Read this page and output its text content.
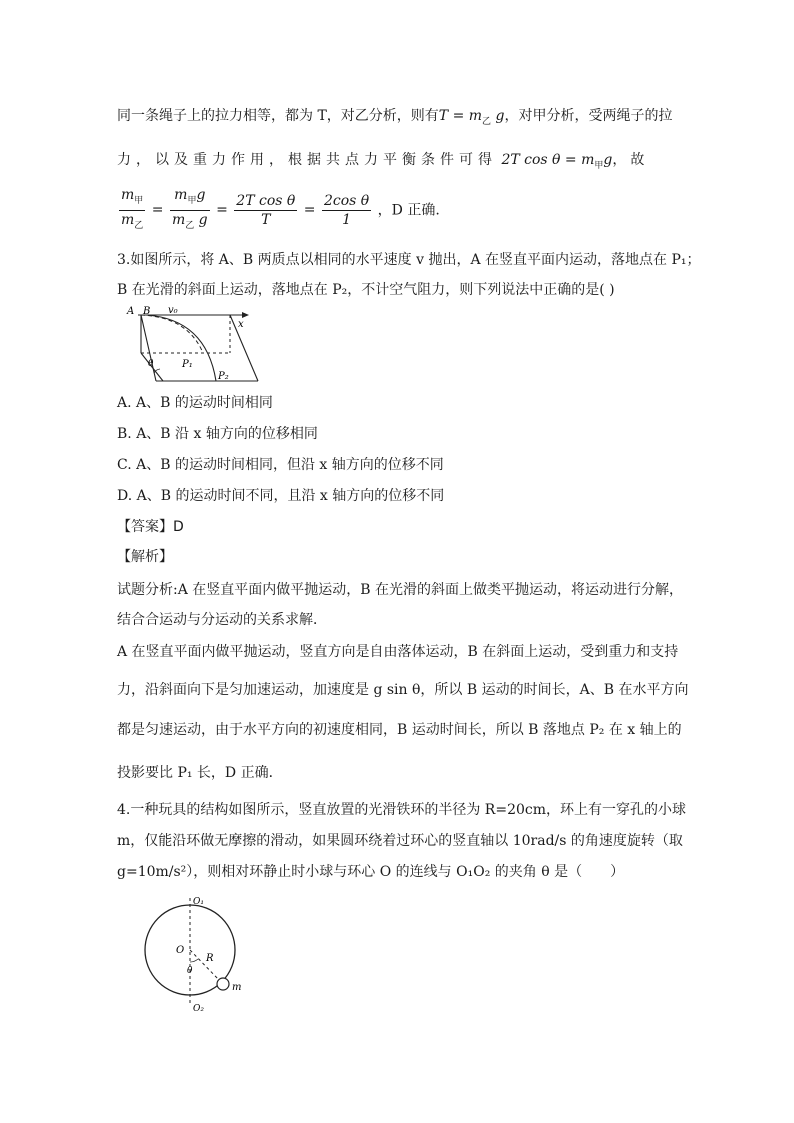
同一条绳子上的拉力相等，都为 T，对乙分析，则有$T = m_乙$ g，对甲分析，受两绳子的拉
力，以及重力作用，根据共点力平衡条件可得 2T $\cos \theta = m_甲g$，故
$\frac{m_甲}{m_乙} = \frac{m_甲g}{m_乙 g} = \frac{\text{2T cos θ}}{T} = \frac{\text{2cos θ}}{1}$ ，D 正确.
3.如图所示，将 A、B 两质点以相同的水平速度 v 抛出，A 在竖直平面内运动，落地点在 P₁；
B 在光滑的斜面上运动，落地点在 P₂，不计空气阻力，则下列说法中正确的是( )
A B v₀
x
θ	P₁
P₂
A. A、B 的运动时间相同
B. A、B 沿 x 轴方向的位移相同
C. A、B 的运动时间相同，但沿 x 轴方向的位移不同
D. A、B 的运动时间不同，且沿 x 轴方向的位移不同
【答案】D
【解析】
试题分析:A 在竖直平面内做平抛运动，B 在光滑的斜面上做类平抛运动，将运动进行分解，
结合合运动与分运动的关系求解．
A 在竖直平面内做平抛运动，竖直方向是自由落体运动，B 在斜面上运动，受到重力和支持
力，沿斜面向下是匀加速运动，加速度是 g sin θ，所以 B 运动的时间长，A、B 在水平方向
都是匀速运动，由于水平方向的初速度相同，B 运动时间长，所以 B 落地点 P₂ 在 x 轴上的
投影要比 P₁ 长，D 正确．
4.一种玩具的结构如图所示，竖直放置的光滑铁环的半径为 R=20cm，环上有一穿孔的小球
m，仅能沿环做无摩擦的滑动，如果圆环绕着过环心的竖直轴以 10rad/s 的角速度旋转（取
g=10m/s²），则相对环静止时小球与环心 O 的连线与 O₁O₂ 的夹角 θ 是（　　）
O₁
O
R
θ
m
O₂
